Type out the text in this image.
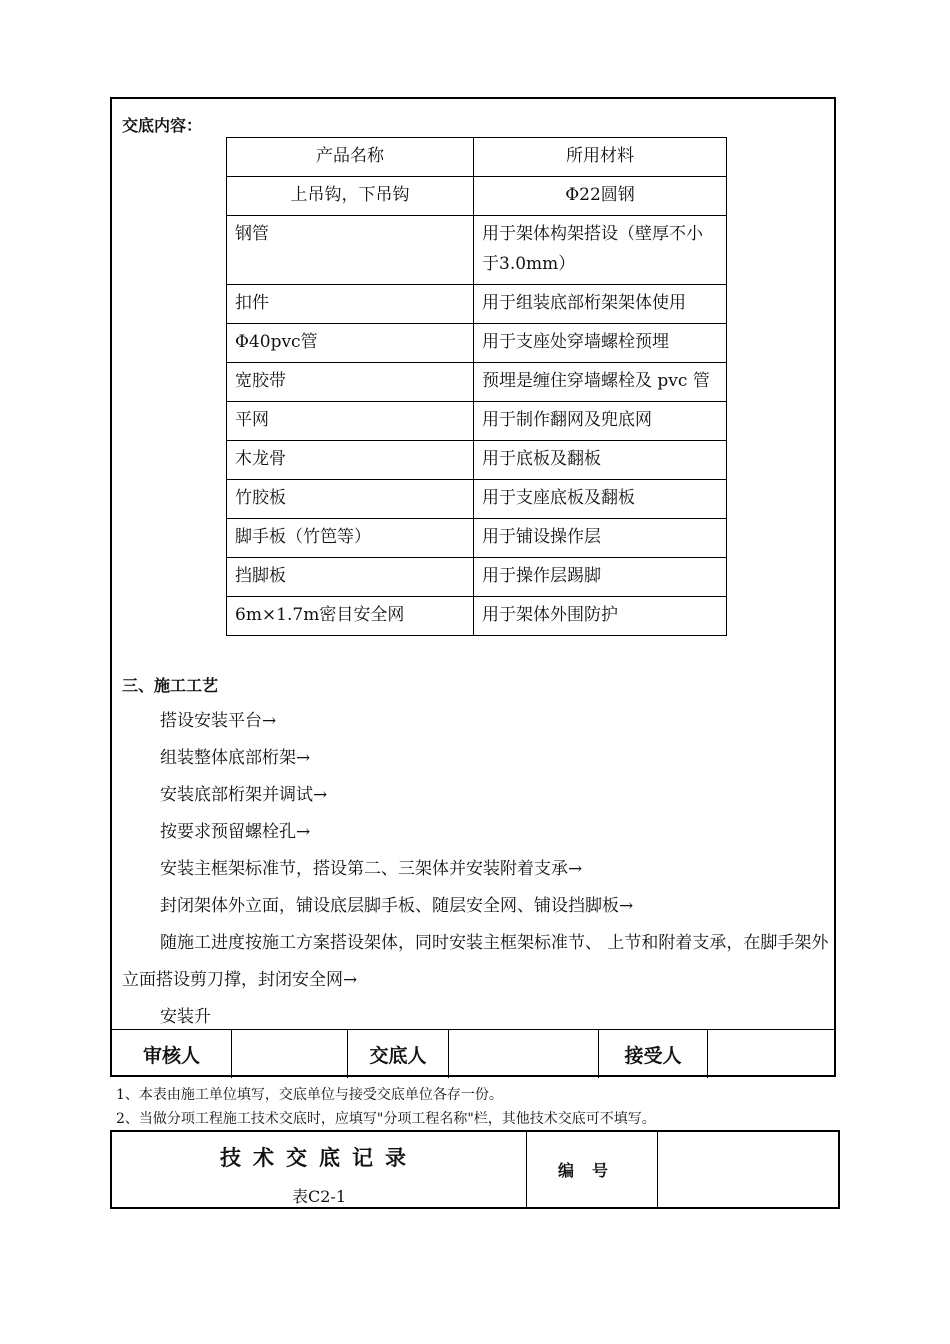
交底内容：
产品名称	所用材料
上吊钩，下吊钩	Φ22圆钢
钢管	用于架体构架搭设（壁厚不小于3.0mm）
扣件	用于组装底部桁架架体使用
Φ40pvc管	用于支座处穿墙螺栓预埋
宽胶带	预埋是缠住穿墙螺栓及 pvc 管
平网	用于制作翻网及兜底网
木龙骨	用于底板及翻板
竹胶板	用于支座底板及翻板
脚手板（竹笆等）	用于铺设操作层
挡脚板	用于操作层踢脚
6m×1.7m密目安全网	用于架体外围防护
三、施工工艺
搭设安装平台→
组装整体底部桁架→
安装底部桁架并调试→
按要求预留螺栓孔→
安装主框架标准节，搭设第二、三架体并安装附着支承→
封闭架体外立面，铺设底层脚手板、随层安全网、铺设挡脚板→
随施工进度按施工方案搭设架体，同时安装主框架标准节、 上节和附着支承，在脚手架外立面搭设剪刀撑，封闭安全网→
安装升
审核人	交底人	接受人
1、本表由施工单位填写，交底单位与接受交底单位各存一份。
2、当做分项工程施工技术交底时，应填写"分项工程名称"栏，其他技术交底可不填写。
技术交底记录
表C2-1
编号
